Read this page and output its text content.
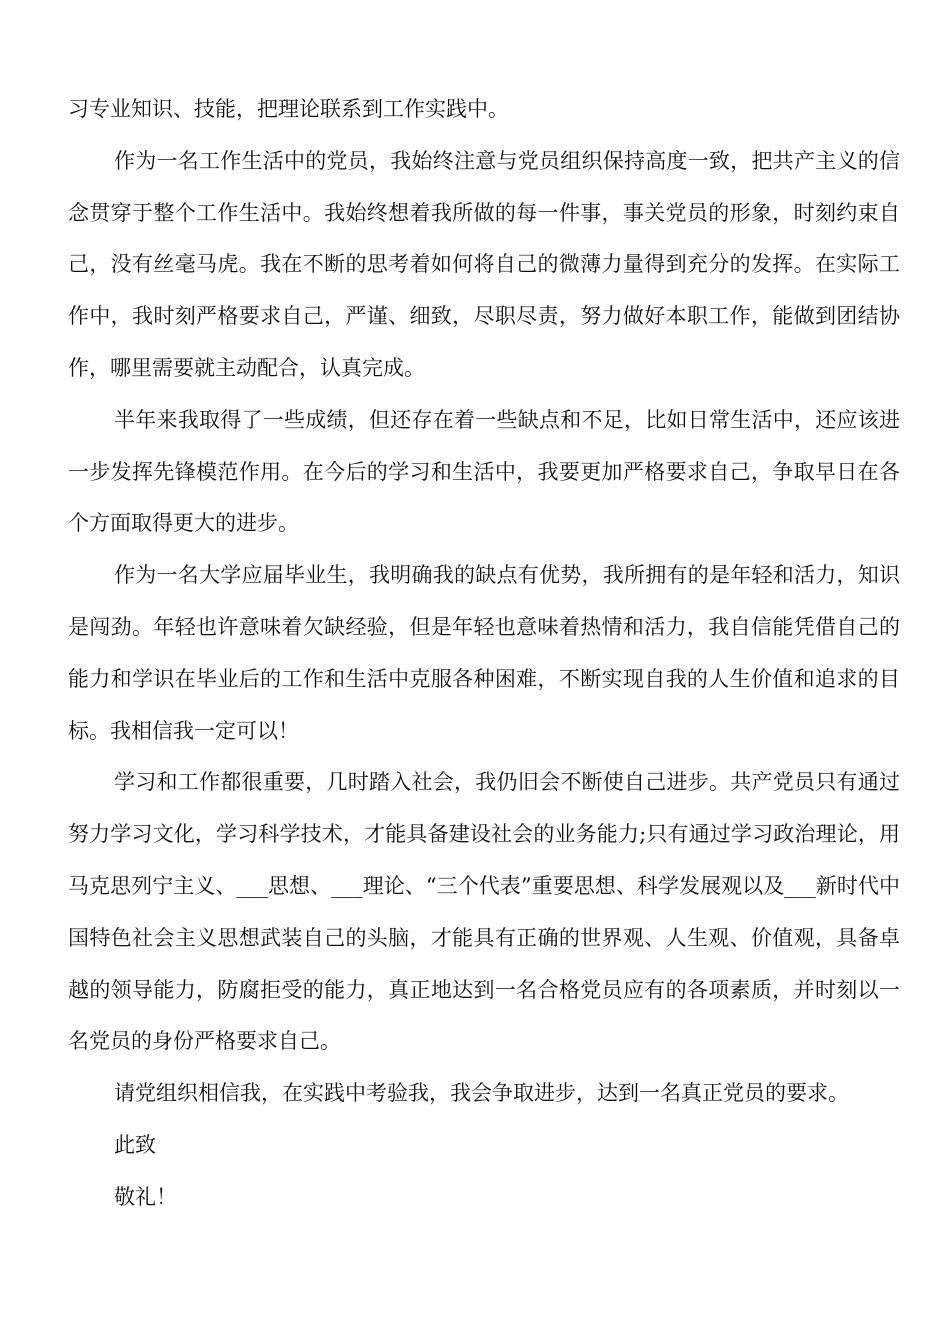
习专业知识、技能，把理论联系到工作实践中。

作为一名工作生活中的党员，我始终注意与党员组织保持高度一致，把共产主义的信念贯穿于整个工作生活中。我始终想着我所做的每一件事，事关党员的形象，时刻约束自己，没有丝毫马虎。我在不断的思考着如何将自己的微薄力量得到充分的发挥。在实际工作中，我时刻严格要求自己，严谨、细致，尽职尽责，努力做好本职工作，能做到团结协作，哪里需要就主动配合，认真完成。

半年来我取得了一些成绩，但还存在着一些缺点和不足，比如日常生活中，还应该进一步发挥先锋模范作用。在今后的学习和生活中，我要更加严格要求自己，争取早日在各个方面取得更大的进步。

作为一名大学应届毕业生，我明确我的缺点有优势，我所拥有的是年轻和活力，知识是闯劲。年轻也许意味着欠缺经验，但是年轻也意味着热情和活力，我自信能凭借自己的能力和学识在毕业后的工作和生活中克服各种困难，不断实现自我的人生价值和追求的目标。我相信我一定可以！

学习和工作都很重要，几时踏入社会，我仍旧会不断使自己进步。共产党员只有通过努力学习文化，学习科学技术，才能具备建设社会的业务能力;只有通过学习政治理论，用马克思列宁主义、___思想、___理论、“三个代表”重要思想、科学发展观以及___新时代中国特色社会主义思想武装自己的头脑，才能具有正确的世界观、人生观、价值观，具备卓越的领导能力，防腐拒受的能力，真正地达到一名合格党员应有的各项素质，并时刻以一名党员的身份严格要求自己。

请党组织相信我，在实践中考验我，我会争取进步，达到一名真正党员的要求。

此致
敬礼！
